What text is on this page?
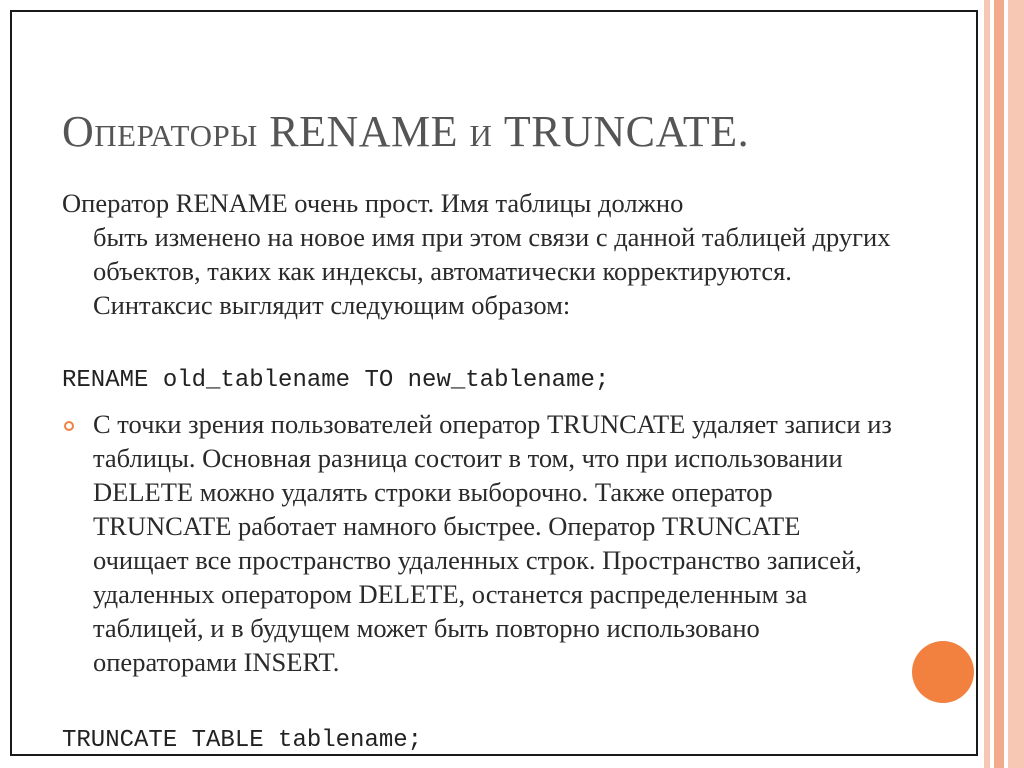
Операторы RENAME и TRUNCATE.
Оператор RENAME очень прост. Имя таблицы должно
быть изменено на новое имя при этом связи с данной таблицей других объектов, таких как индексы, автоматически корректируются. Синтаксис выглядит следующим образом:
RENAME old_tablename TO new_tablename;
С точки зрения пользователей оператор TRUNCATE удаляет записи из таблицы. Основная разница состоит в том, что при использовании DELETE можно удалять строки выборочно. Также оператор TRUNCATE работает намного быстрее. Оператор TRUNCATE очищает все пространство удаленных строк. Пространство записей, удаленных оператором DELETE, останется распределенным за таблицей, и в будущем может быть повторно использовано операторами INSERT.
TRUNCATE TABLE tablename;
